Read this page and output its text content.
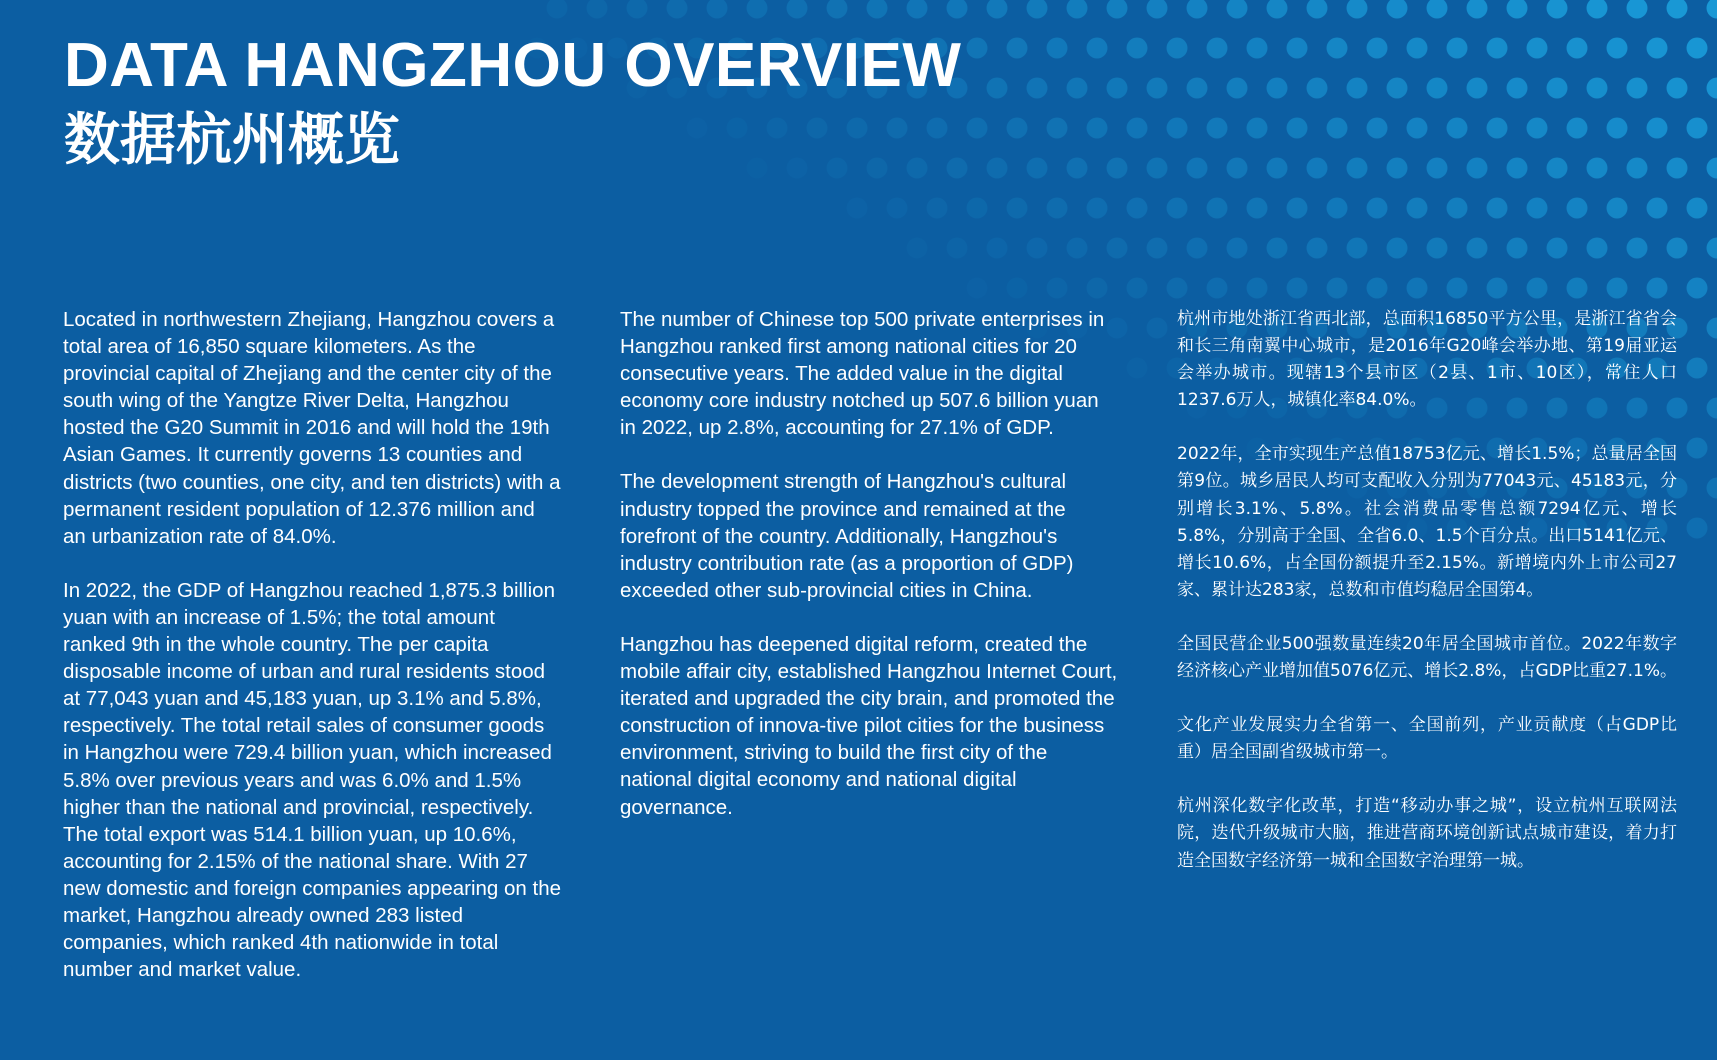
DATA HANGZHOU OVERVIEW
数据杭州概览

Located in northwestern Zhejiang, Hangzhou covers a total area of 16,850 square kilometers. As the provincial capital of Zhejiang and the center city of the south wing of the Yangtze River Delta, Hangzhou hosted the G20 Summit in 2016 and will hold the 19th Asian Games. It currently governs 13 counties and districts (two counties, one city, and ten districts) with a permanent resident population of 12.376 million and an urbanization rate of 84.0%.

In 2022, the GDP of Hangzhou reached 1,875.3 billion yuan with an increase of 1.5%; the total amount ranked 9th in the whole country. The per capita disposable income of urban and rural residents stood at 77,043 yuan and 45,183 yuan, up 3.1% and 5.8%, respectively. The total retail sales of consumer goods in Hangzhou were 729.4 billion yuan, which increased 5.8% over previous years and was 6.0% and 1.5% higher than the national and provincial, respectively. The total export was 514.1 billion yuan, up 10.6%, accounting for 2.15% of the national share. With 27 new domestic and foreign companies appearing on the market, Hangzhou already owned 283 listed companies, which ranked 4th nationwide in total number and market value.

The number of Chinese top 500 private enterprises in Hangzhou ranked first among national cities for 20 consecutive years. The added value in the digital economy core industry notched up 507.6 billion yuan in 2022, up 2.8%, accounting for 27.1% of GDP.

The development strength of Hangzhou's cultural industry topped the province and remained at the forefront of the country. Additionally, Hangzhou's industry contribution rate (as a proportion of GDP) exceeded other sub-provincial cities in China.

Hangzhou has deepened digital reform, created the mobile affair city, established Hangzhou Internet Court, iterated and upgraded the city brain, and promoted the construction of innova-tive pilot cities for the business environment, striving to build the first city of the national digital economy and national digital governance.

杭州市地处浙江省西北部，总面积16850平方公里，是浙江省省会和长三角南翼中心城市，是2016年G20峰会举办地、第19届亚运会举办城市。现辖13个县市区（2县、1市、10区），常住人口1237.6万人，城镇化率84.0%。

2022年，全市实现生产总值18753亿元、增长1.5%；总量居全国第9位。城乡居民人均可支配收入分别为77043元、45183元，分别增长3.1%、5.8%。社会消费品零售总额7294亿元、增长5.8%，分别高于全国、全省6.0、1.5个百分点。出口5141亿元、增长10.6%，占全国份额提升至2.15%。新增境内外上市公司27家、累计达283家，总数和市值均稳居全国第4。

全国民营企业500强数量连续20年居全国城市首位。2022年数字经济核心产业增加值5076亿元、增长2.8%，占GDP比重27.1%。

文化产业发展实力全省第一、全国前列，产业贡献度（占GDP比重）居全国副省级城市第一。

杭州深化数字化改革，打造“移动办事之城”，设立杭州互联网法院，迭代升级城市大脑，推进营商环境创新试点城市建设，着力打造全国数字经济第一城和全国数字治理第一城。
